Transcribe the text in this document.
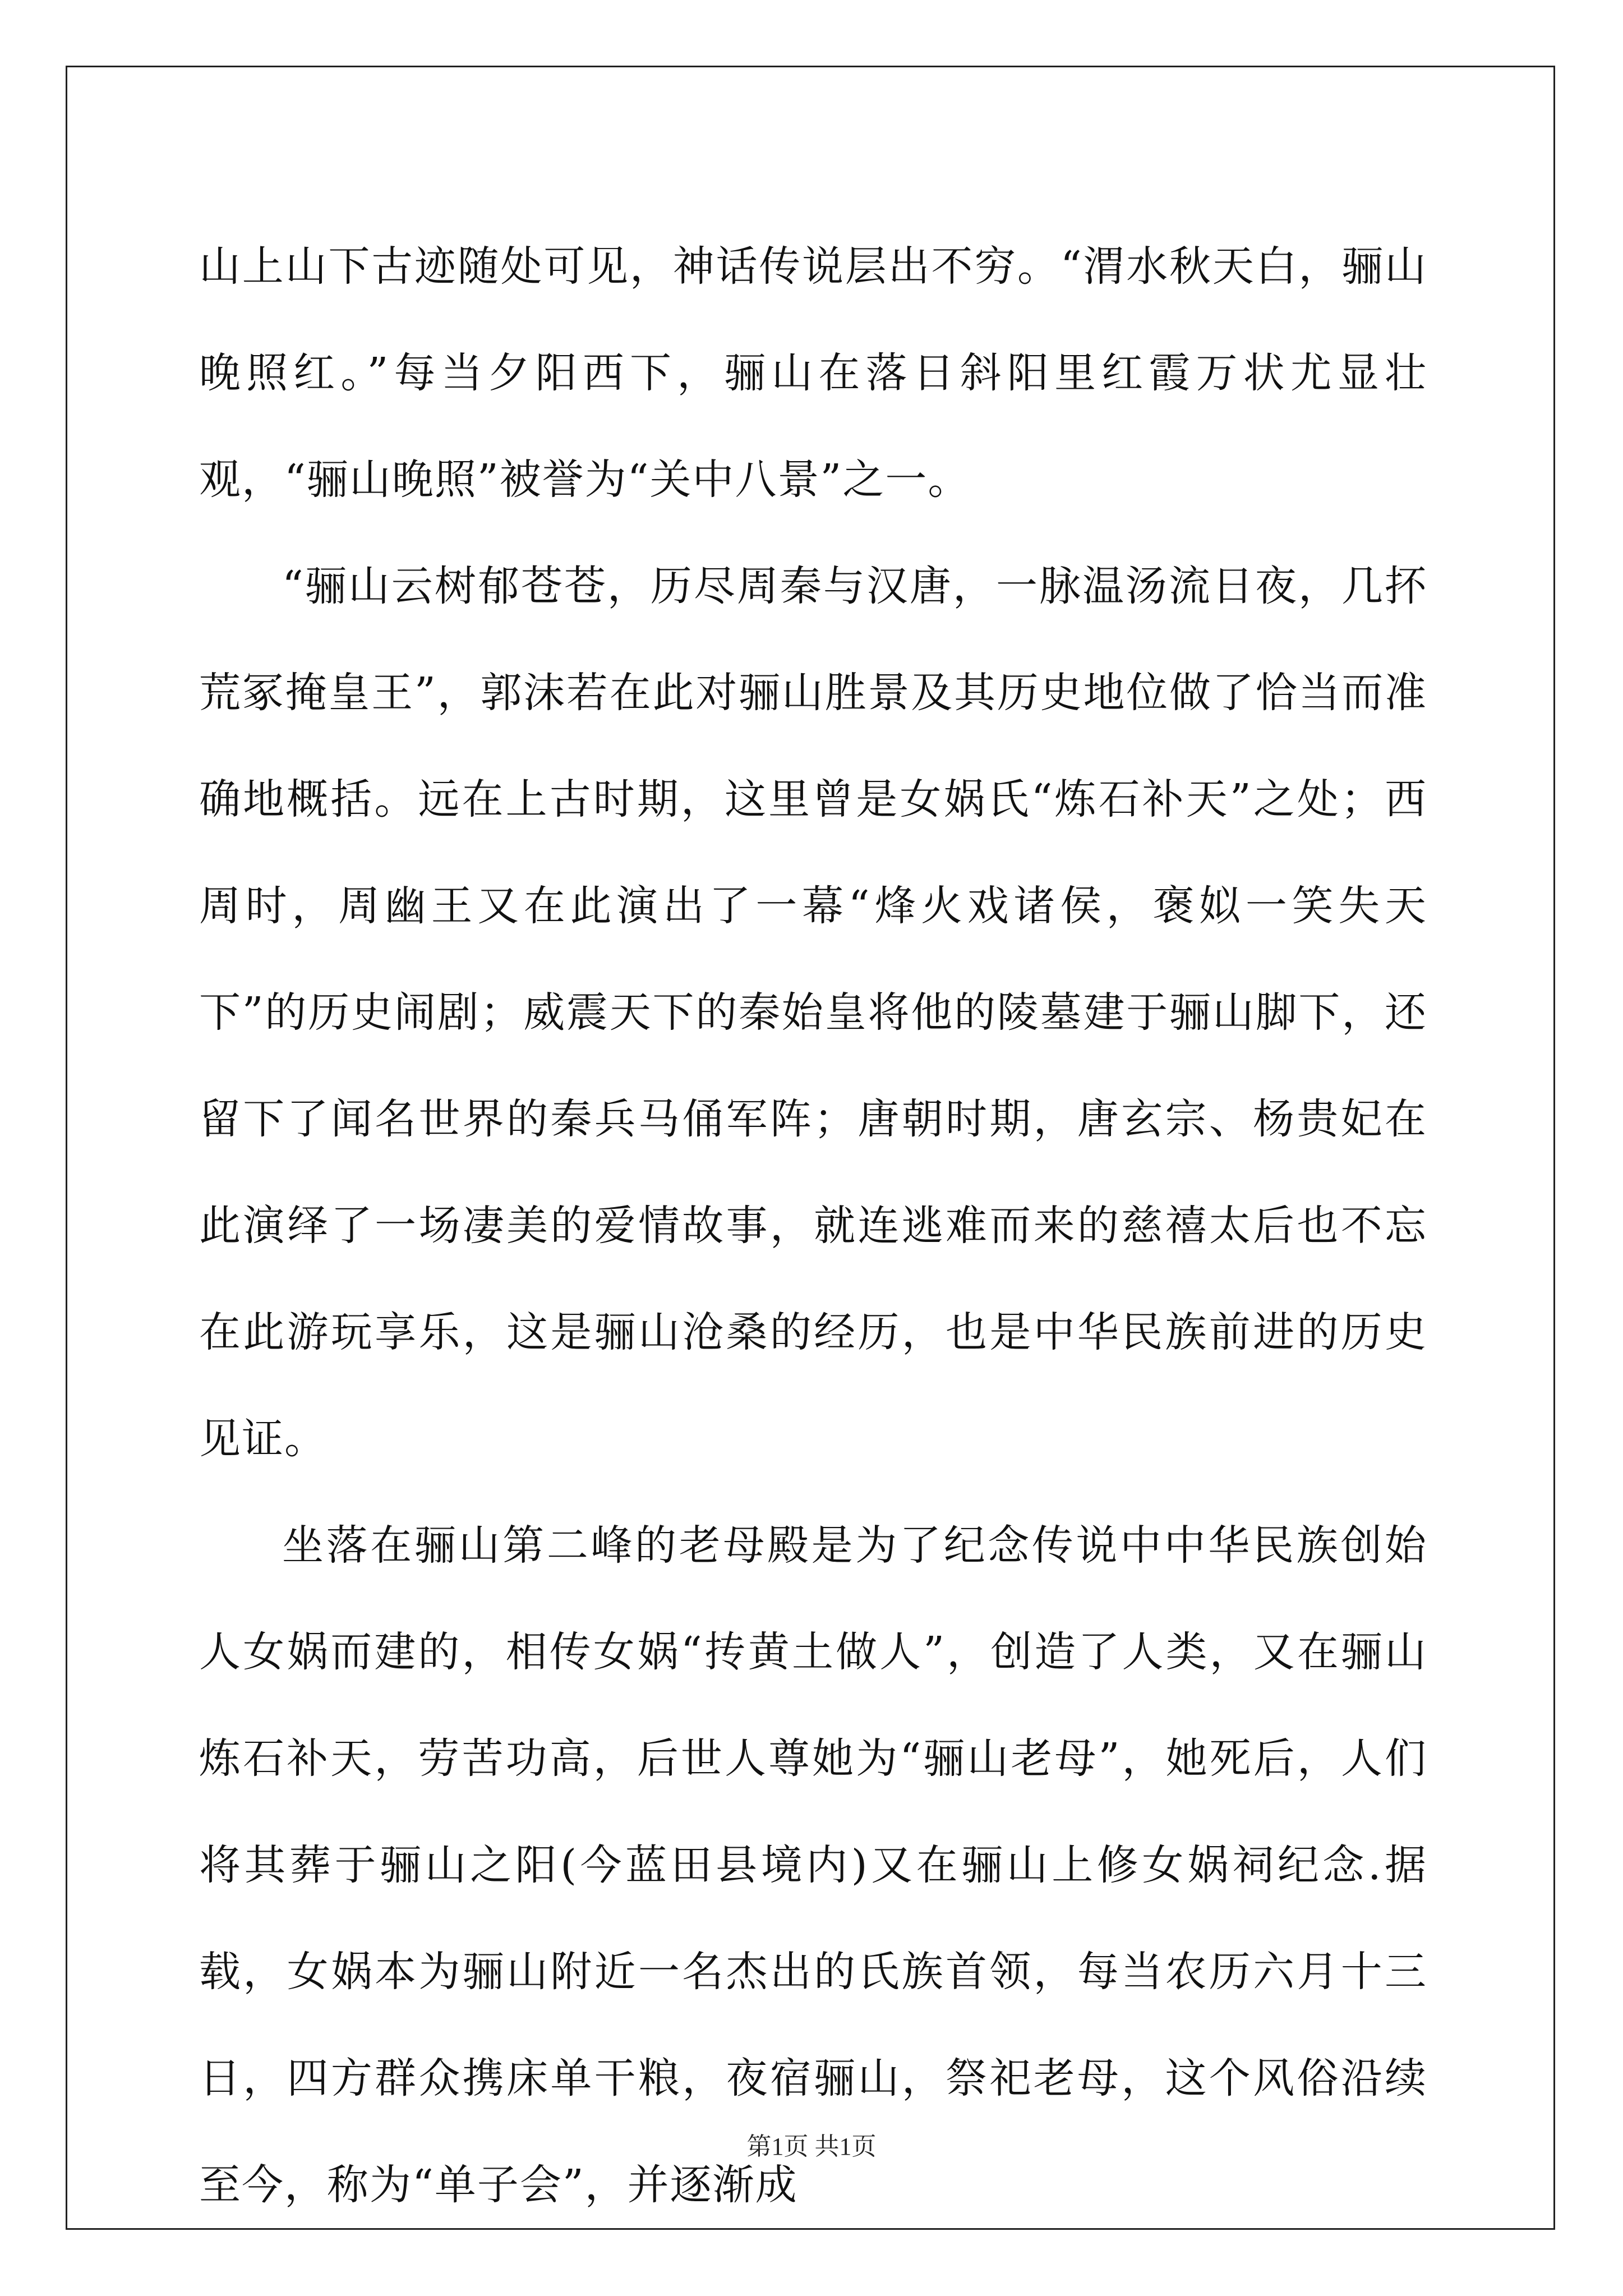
山上山下古迹随处可见，神话传说层出不穷。“渭水秋天白，骊山晚照红。”每当夕阳西下，骊山在落日斜阳里红霞万状尤显壮观，“骊山晚照”被誉为“关中八景”之一。

“骊山云树郁苍苍，历尽周秦与汉唐，一脉温汤流日夜，几抔荒冢掩皇王”，郭沫若在此对骊山胜景及其历史地位做了恰当而准确地概括。远在上古时期，这里曾是女娲氏“炼石补天”之处；西周时，周幽王又在此演出了一幕“烽火戏诸侯，褒姒一笑失天下”的历史闹剧；威震天下的秦始皇将他的陵墓建于骊山脚下，还留下了闻名世界的秦兵马俑军阵；唐朝时期，唐玄宗、杨贵妃在此演绎了一场凄美的爱情故事，就连逃难而来的慈禧太后也不忘在此游玩享乐，这是骊山沧桑的经历，也是中华民族前进的历史见证。

坐落在骊山第二峰的老母殿是为了纪念传说中中华民族创始人女娲而建的，相传女娲“抟黄土做人”，创造了人类，又在骊山炼石补天，劳苦功高，后世人尊她为“骊山老母”，她死后，人们将其葬于骊山之阳(今蓝田县境内)又在骊山上修女娲祠纪念.据载，女娲本为骊山附近一名杰出的氏族首领，每当农历六月十三日，四方群众携床单干粮，夜宿骊山，祭祀老母，这个风俗沿续至今，称为“单子会”，并逐渐成

第1页 共1页
